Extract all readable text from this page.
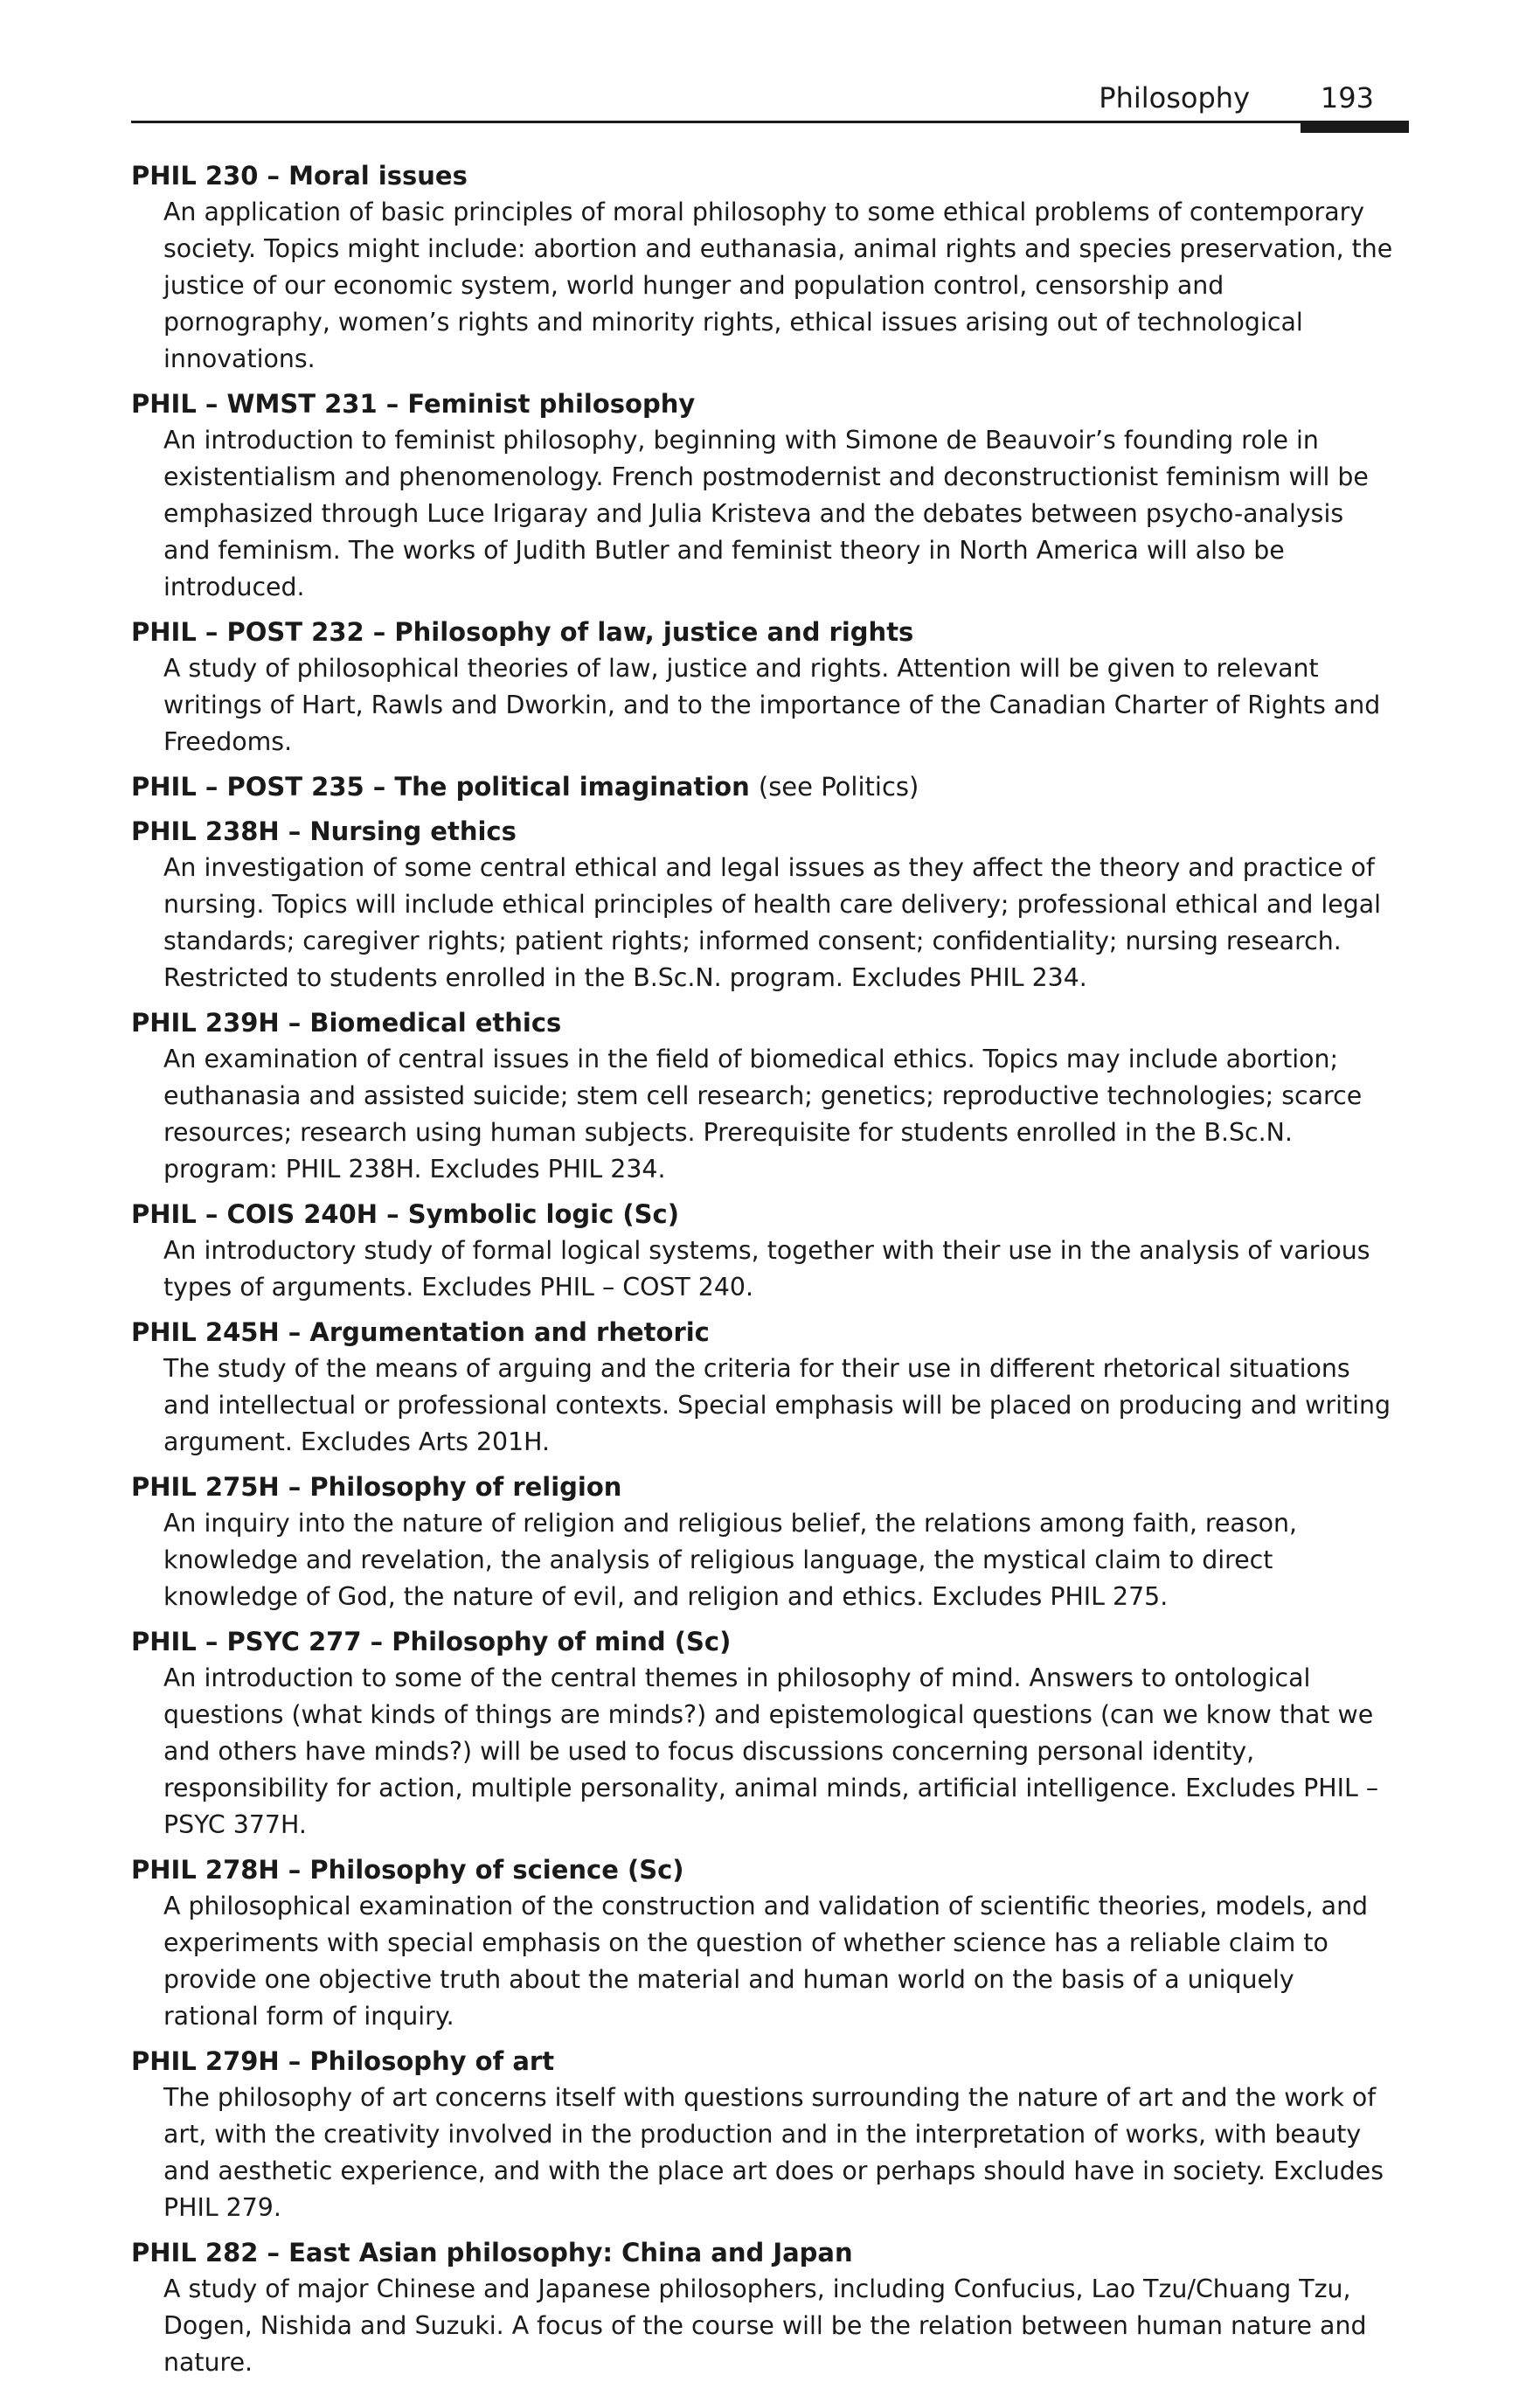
Philosophy	193

PHIL 230 – Moral issues

An application of basic principles of moral philosophy to some ethical problems of contemporary society. Topics might include: abortion and euthanasia, animal rights and species preservation, the justice of our economic system, world hunger and population control, censorship and pornography, women’s rights and minority rights, ethical issues arising out of technological innovations.

PHIL – WMST 231 – Feminist philosophy

An introduction to feminist philosophy, beginning with Simone de Beauvoir’s founding role in existentialism and phenomenology. French postmodernist and deconstructionist feminism will be emphasized through Luce Irigaray and Julia Kristeva and the debates between psycho-analysis and feminism. The works of Judith Butler and feminist theory in North America will also be introduced.

PHIL – POST 232 – Philosophy of law, justice and rights

A study of philosophical theories of law, justice and rights. Attention will be given to relevant writings of Hart, Rawls and Dworkin, and to the importance of the Canadian Charter of Rights and Freedoms.

PHIL – POST 235 – The political imagination (see Politics)

PHIL 238H – Nursing ethics

An investigation of some central ethical and legal issues as they affect the theory and practice of nursing. Topics will include ethical principles of health care delivery; professional ethical and legal standards; caregiver rights; patient rights; informed consent; confidentiality; nursing research. Restricted to students enrolled in the B.Sc.N. program. Excludes PHIL 234.

PHIL 239H – Biomedical ethics

An examination of central issues in the field of biomedical ethics. Topics may include abortion; euthanasia and assisted suicide; stem cell research; genetics; reproductive technologies; scarce resources; research using human subjects. Prerequisite for students enrolled in the B.Sc.N. program: PHIL 238H. Excludes PHIL 234.

PHIL – COIS 240H – Symbolic logic (Sc)

An introductory study of formal logical systems, together with their use in the analysis of various types of arguments. Excludes PHIL – COST 240.

PHIL 245H – Argumentation and rhetoric

The study of the means of arguing and the criteria for their use in different rhetorical situations and intellectual or professional contexts. Special emphasis will be placed on producing and writing argument. Excludes Arts 201H.

PHIL 275H – Philosophy of religion

An inquiry into the nature of religion and religious belief, the relations among faith, reason, knowledge and revelation, the analysis of religious language, the mystical claim to direct knowledge of God, the nature of evil, and religion and ethics. Excludes PHIL 275.

PHIL – PSYC 277 – Philosophy of mind (Sc)

An introduction to some of the central themes in philosophy of mind. Answers to ontological questions (what kinds of things are minds?) and epistemological questions (can we know that we and others have minds?) will be used to focus discussions concerning personal identity, responsibility for action, multiple personality, animal minds, artificial intelligence. Excludes PHIL – PSYC 377H.

PHIL 278H – Philosophy of science (Sc)

A philosophical examination of the construction and validation of scientific theories, models, and experiments with special emphasis on the question of whether science has a reliable claim to provide one objective truth about the material and human world on the basis of a uniquely rational form of inquiry.

PHIL 279H – Philosophy of art

The philosophy of art concerns itself with questions surrounding the nature of art and the work of art, with the creativity involved in the production and in the interpretation of works, with beauty and aesthetic experience, and with the place art does or perhaps should have in society. Excludes PHIL 279.

PHIL 282 – East Asian philosophy: China and Japan

A study of major Chinese and Japanese philosophers, including Confucius, Lao Tzu/Chuang Tzu, Dogen, Nishida and Suzuki. A focus of the course will be the relation between human nature and nature.
